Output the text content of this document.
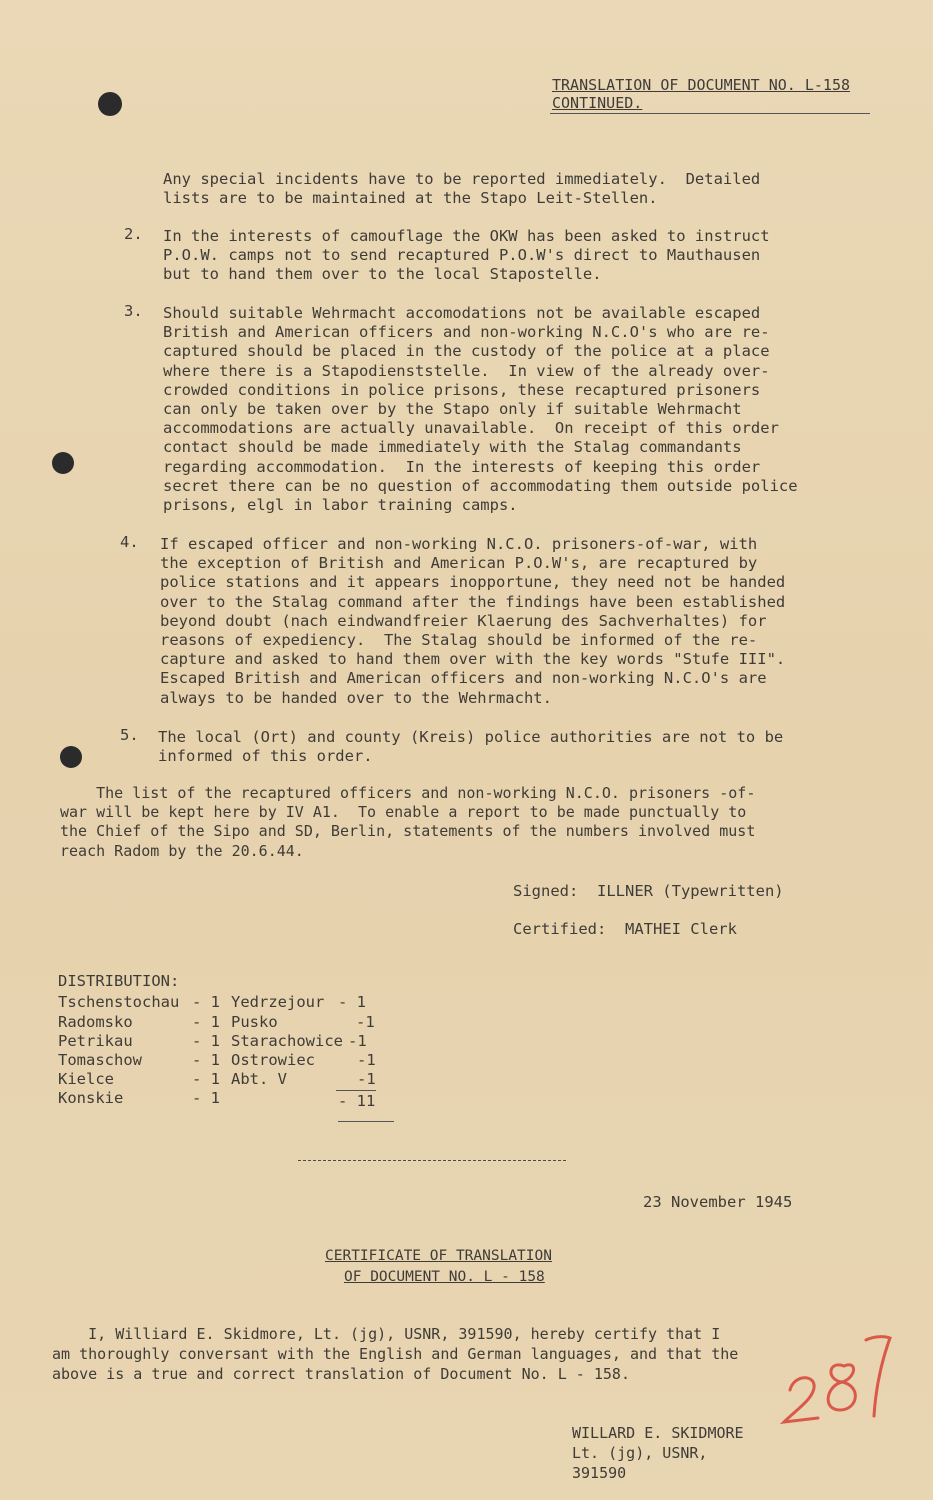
TRANSLATION OF DOCUMENT NO. L-158
CONTINUED.
Any special incidents have to be reported immediately.  Detailed
lists are to be maintained at the Stapo Leit-Stellen.
2. In the interests of camouflage the OKW has been asked to instruct
P.O.W. camps not to send recaptured P.O.W's direct to Mauthausen
but to hand them over to the local Stapostelle.
3. Should suitable Wehrmacht accomodations not be available escaped
British and American officers and non-working N.C.O's who are re-
captured should be placed in the custody of the police at a place
where there is a Stapodienststelle.  In view of the already over-
crowded conditions in police prisons, these recaptured prisoners
can only be taken over by the Stapo only if suitable Wehrmacht
accommodations are actually unavailable.  On receipt of this order
contact should be made immediately with the Stalag commandants
regarding accommodation.  In the interests of keeping this order
secret there can be no question of accommodating them outside police
prisons, elgl in labor training camps.
4. If escaped officer and non-working N.C.O. prisoners-of-war, with
the exception of British and American P.O.W's, are recaptured by
police stations and it appears inopportune, they need not be handed
over to the Stalag command after the findings have been established
beyond doubt (nach eindwandfreier Klaerung des Sachverhaltes) for
reasons of expediency.  The Stalag should be informed of the re-
capture and asked to hand them over with the key words "Stufe III".
Escaped British and American officers and non-working N.C.O's are
always to be handed over to the Wehrmacht.
5. The local (Ort) and county (Kreis) police authorities are not to be
informed of this order.
The list of the recaptured officers and non-working N.C.O. prisoners -of-
war will be kept here by IV A1.  To enable a report to be made punctually to
the Chief of the Sipo and SD, Berlin, statements of the numbers involved must
reach Radom by the 20.6.44.
Signed:  ILLNER (Typewritten)
Certified:  MATHEI Clerk
DISTRIBUTION:
Tschenstochau - 1 Yedrzejour - 1
Radomsko	- 1 Pusko	-1
Petrikau	- 1 Starachowice -1
Tomaschow	- 1 Ostrowiec	-1
Kielce	- 1 Abt. V	-1
Konskie	- 1	- 11
23 November 1945
CERTIFICATE OF TRANSLATION
OF DOCUMENT NO. L - 158
I, Williard E. Skidmore, Lt. (jg), USNR, 391590, hereby certify that I
am thoroughly conversant with the English and German languages, and that the
above is a true and correct translation of Document No. L - 158.
WILLARD E. SKIDMORE
Lt. (jg), USNR,
391590
